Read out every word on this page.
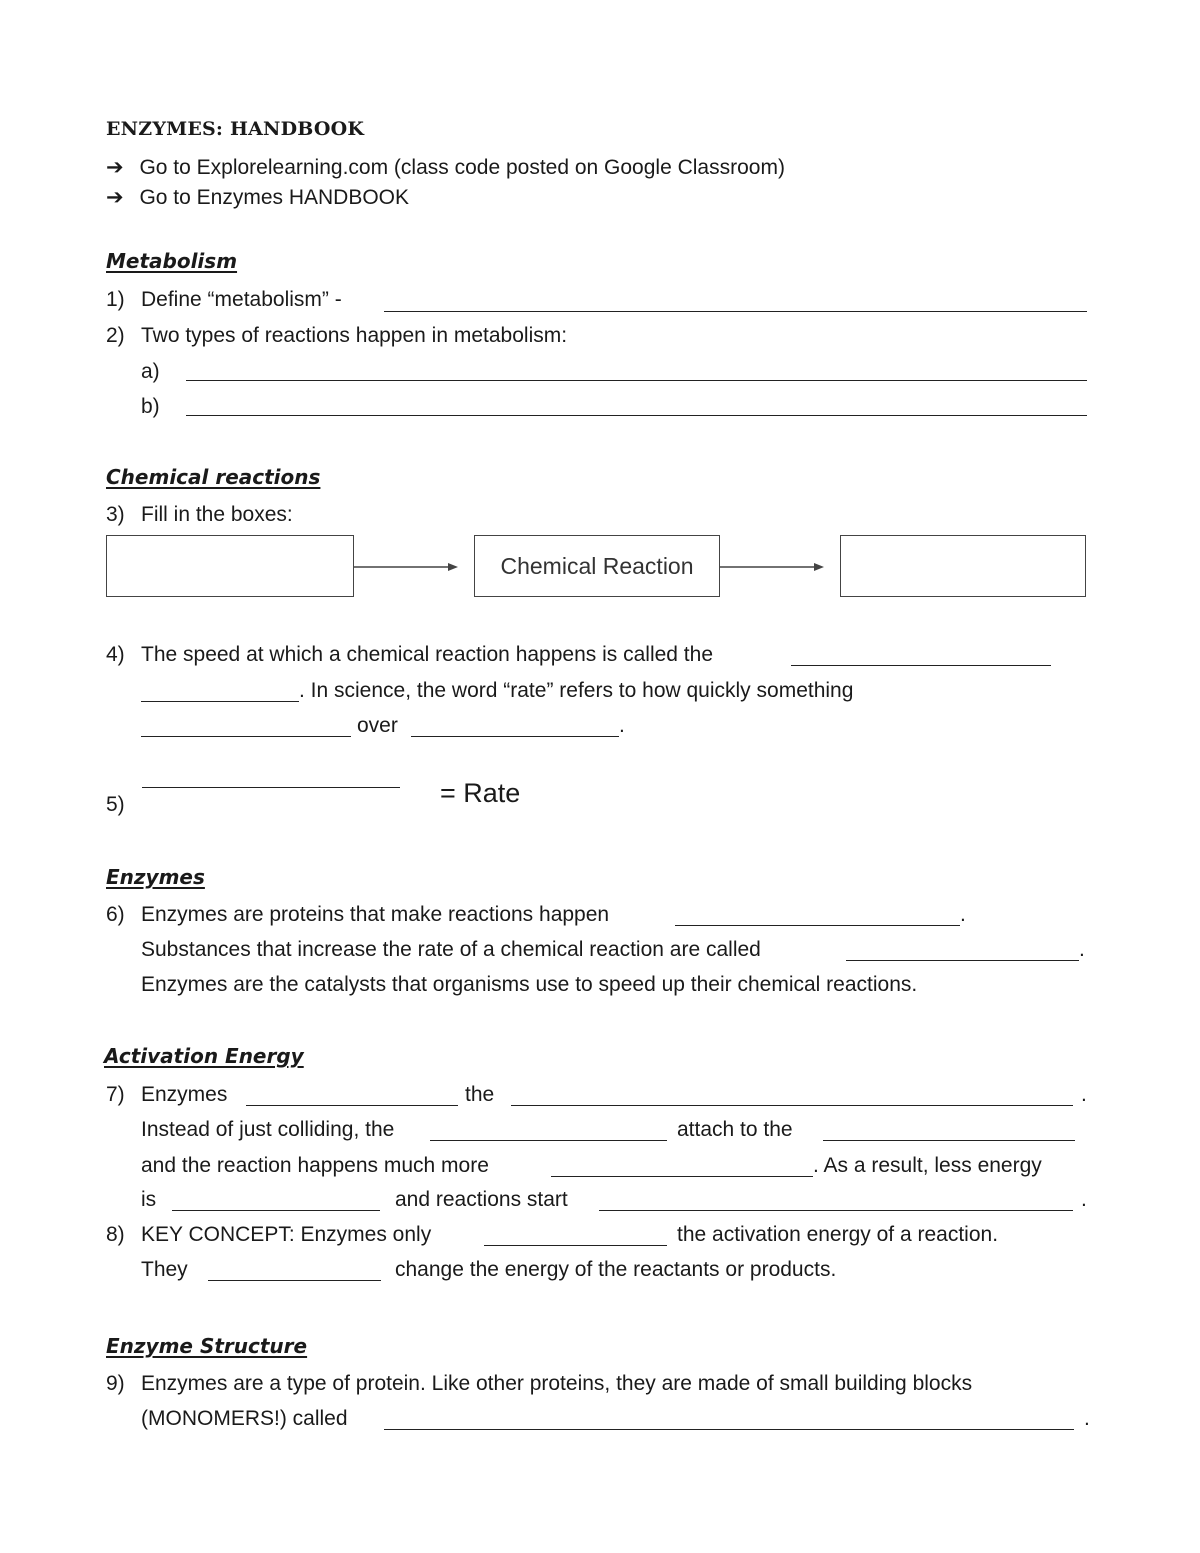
ENZYMES: HANDBOOK
➔ Go to Explorelearning.com (class code posted on Google Classroom)
➔ Go to Enzymes HANDBOOK
Metabolism
1) Define “metabolism” -
2) Two types of reactions happen in metabolism:
a)
b)
Chemical reactions
3) Fill in the boxes:
Chemical Reaction
4) The speed at which a chemical reaction happens is called the
. In science, the word “rate” refers to how quickly something
over	.
5)	= Rate
Enzymes
6) Enzymes are proteins that make reactions happen	.
Substances that increase the rate of a chemical reaction are called	.
Enzymes are the catalysts that organisms use to speed up their chemical reactions.
Activation Energy
7) Enzymes	the	.
Instead of just colliding, the	attach to the
and the reaction happens much more	. As a result, less energy
is	and reactions start	.
8) KEY CONCEPT: Enzymes only	the activation energy of a reaction.
They	change the energy of the reactants or products.
Enzyme Structure
9) Enzymes are a type of protein. Like other proteins, they are made of small building blocks
(MONOMERS!) called	.
